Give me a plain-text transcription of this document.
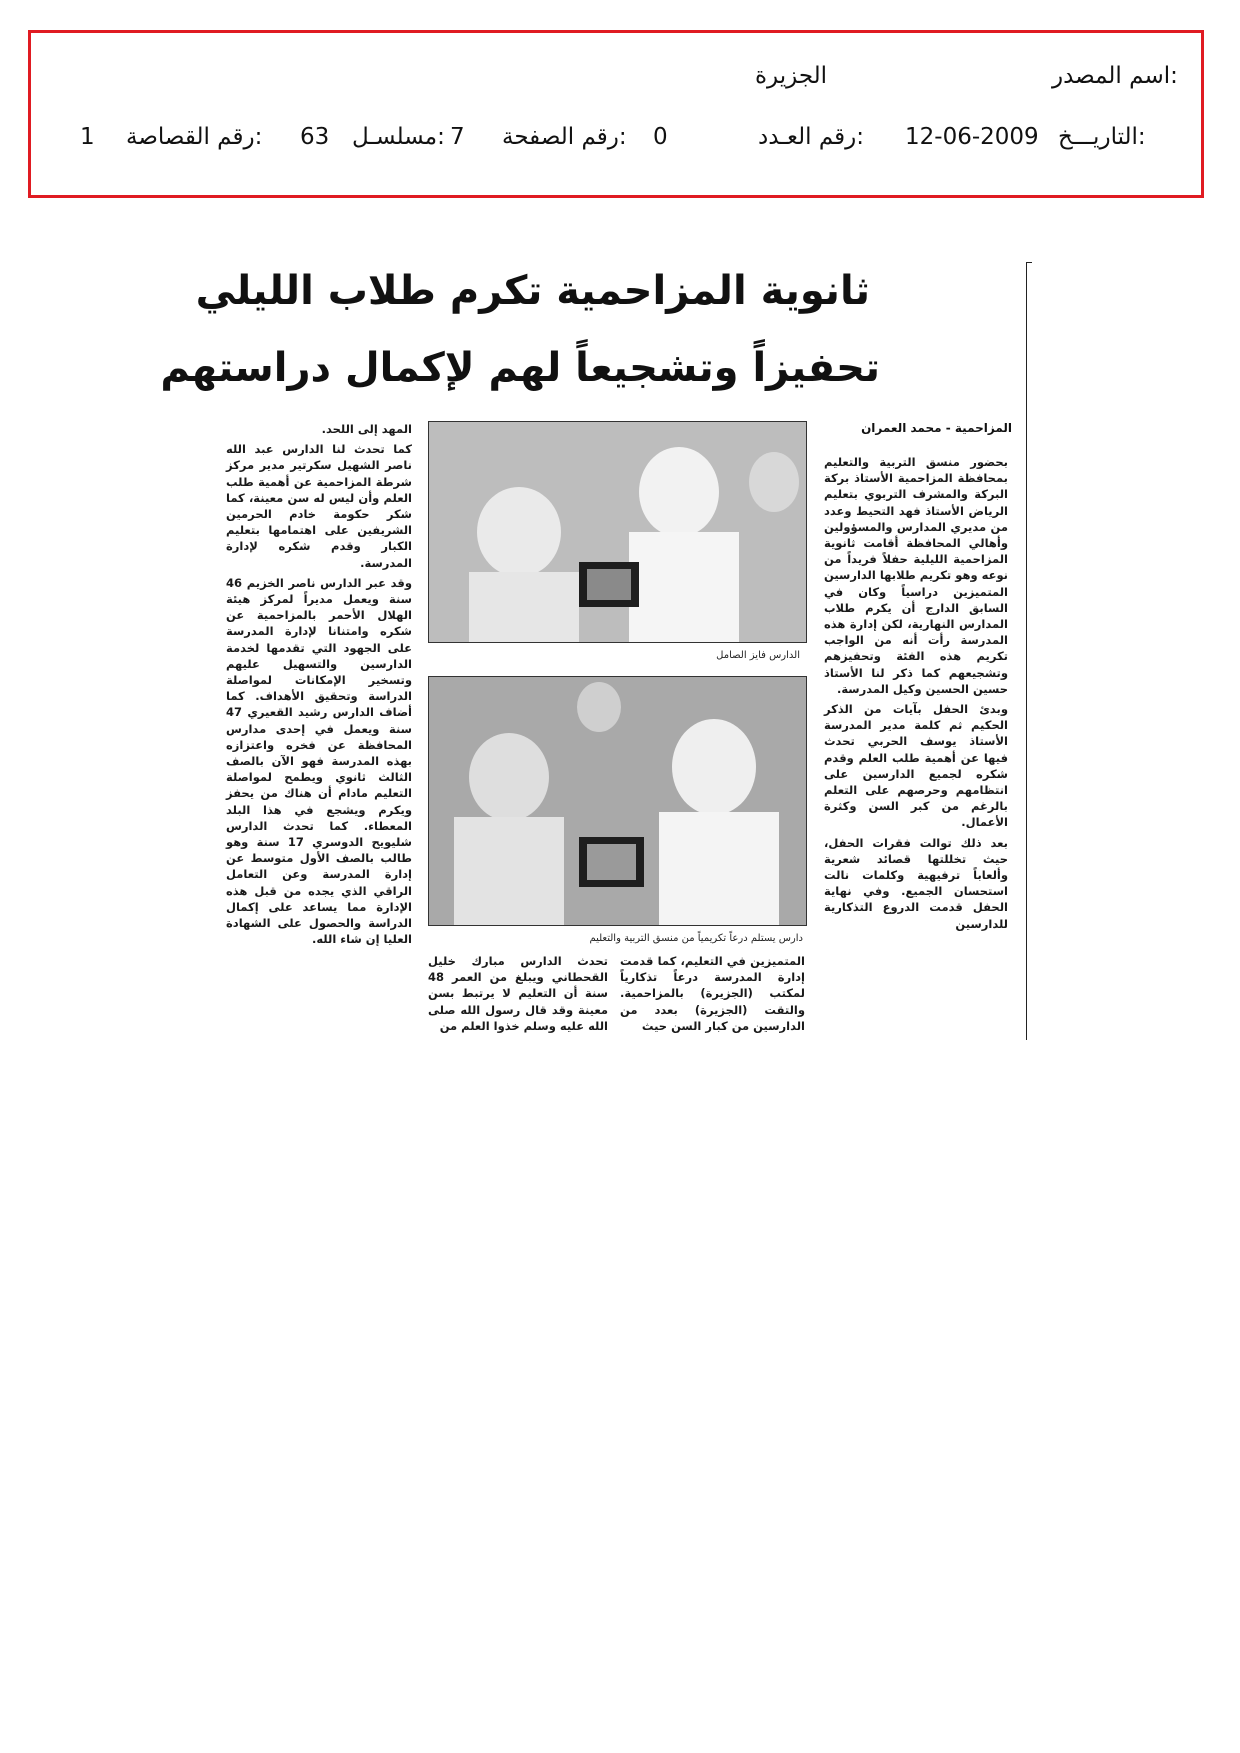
اسم المصدر:
الجزيرة
التاريـــخ:
12-06-2009
رقم العـدد:
0
رقم الصفحة:
7
مسلسـل:
63
رقم القصاصة:
1
ثانوية المزاحمية تكرم طلاب الليلي
تحفيزاً وتشجيعاً لهم لإكمال دراستهم
المزاحمية - محمد العمران

بحضور منسق التربية والتعليم بمحافظة المزاحمية الأستاذ بركة البركة والمشرف التربوي بتعليم الرياض الأستاذ فهد التحيط وعدد من مديري المدارس والمسؤولين وأهالي المحافظة أقامت ثانوية المزاحمية الليلية حفلاً فريداً من نوعه وهو تكريم طلابها الدارسين المتميزين دراسياً وكان في السابق الدارج أن يكرم طلاب المدارس النهارية، لكن إدارة هذه المدرسة رأت أنه من الواجب تكريم هذه الفئة وتحفيزهم وتشجيعهم كما ذكر لنا الأستاذ حسين الحسين وكيل المدرسة.

وبدئ الحفل بآيات من الذكر الحكيم ثم كلمة مدير المدرسة الأستاذ يوسف الحربي تحدث فيها عن أهمية طلب العلم وقدم شكره لجميع الدارسين على انتظامهم وحرصهم على التعلم بالرغم من كبر السن وكثرة الأعمال.

بعد ذلك توالت فقرات الحفل، حيث تخللتها قصائد شعرية وألعاباً ترفيهية وكلمات نالت استحسان الجميع. وفي نهاية الحفل قدمت الدروع التذكارية للدارسين

الدارس فايز الصامل
دارس يستلم درعاً تكريمياً من منسق التربية والتعليم

المتميزين في التعليم، كما قدمت إدارة المدرسة درعاً تذكارياً لمكتب (الجزيرة) بالمزاحمية. والتقت (الجزيرة) بعدد من الدارسين من كبار السن حيث

تحدث الدارس مبارك خليل القحطاني ويبلغ من العمر 48 سنة أن التعليم لا يرتبط بسن معينة وقد قال رسول الله صلى الله عليه وسلم خذوا العلم من

المهد إلى اللحد.

كما تحدث لنا الدارس عبد الله ناصر الشهيل سكرتير مدير مركز شرطة المزاحمية عن أهمية طلب العلم وأن ليس له سن معينة، كما شكر حكومة خادم الحرمين الشريفين على اهتمامها بتعليم الكبار وقدم شكره لإدارة المدرسة.

وقد عبر الدارس ناصر الخزيم 46 سنة ويعمل مديراً لمركز هيئة الهلال الأحمر بالمزاحمية عن شكره وامتنانا لإدارة المدرسة على الجهود التي تقدمها لخدمة الدارسين والتسهيل عليهم وتسخير الإمكانات لمواصلة الدراسة وتحقيق الأهداف. كما أضاف الدارس رشيد القعيري 47 سنة ويعمل في إحدى مدارس المحافظة عن فخره واعتزازه بهذه المدرسة فهو الآن بالصف الثالث ثانوي ويطمح لمواصلة التعليم مادام أن هناك من يحفز ويكرم ويشجع في هذا البلد المعطاء. كما تحدث الدارس شليويح الدوسري 17 سنة وهو طالب بالصف الأول متوسط عن إدارة المدرسة وعن التعامل الراقي الذي يجده من قبل هذه الإدارة مما يساعد على إكمال الدراسة والحصول على الشهادة العليا إن شاء الله.
